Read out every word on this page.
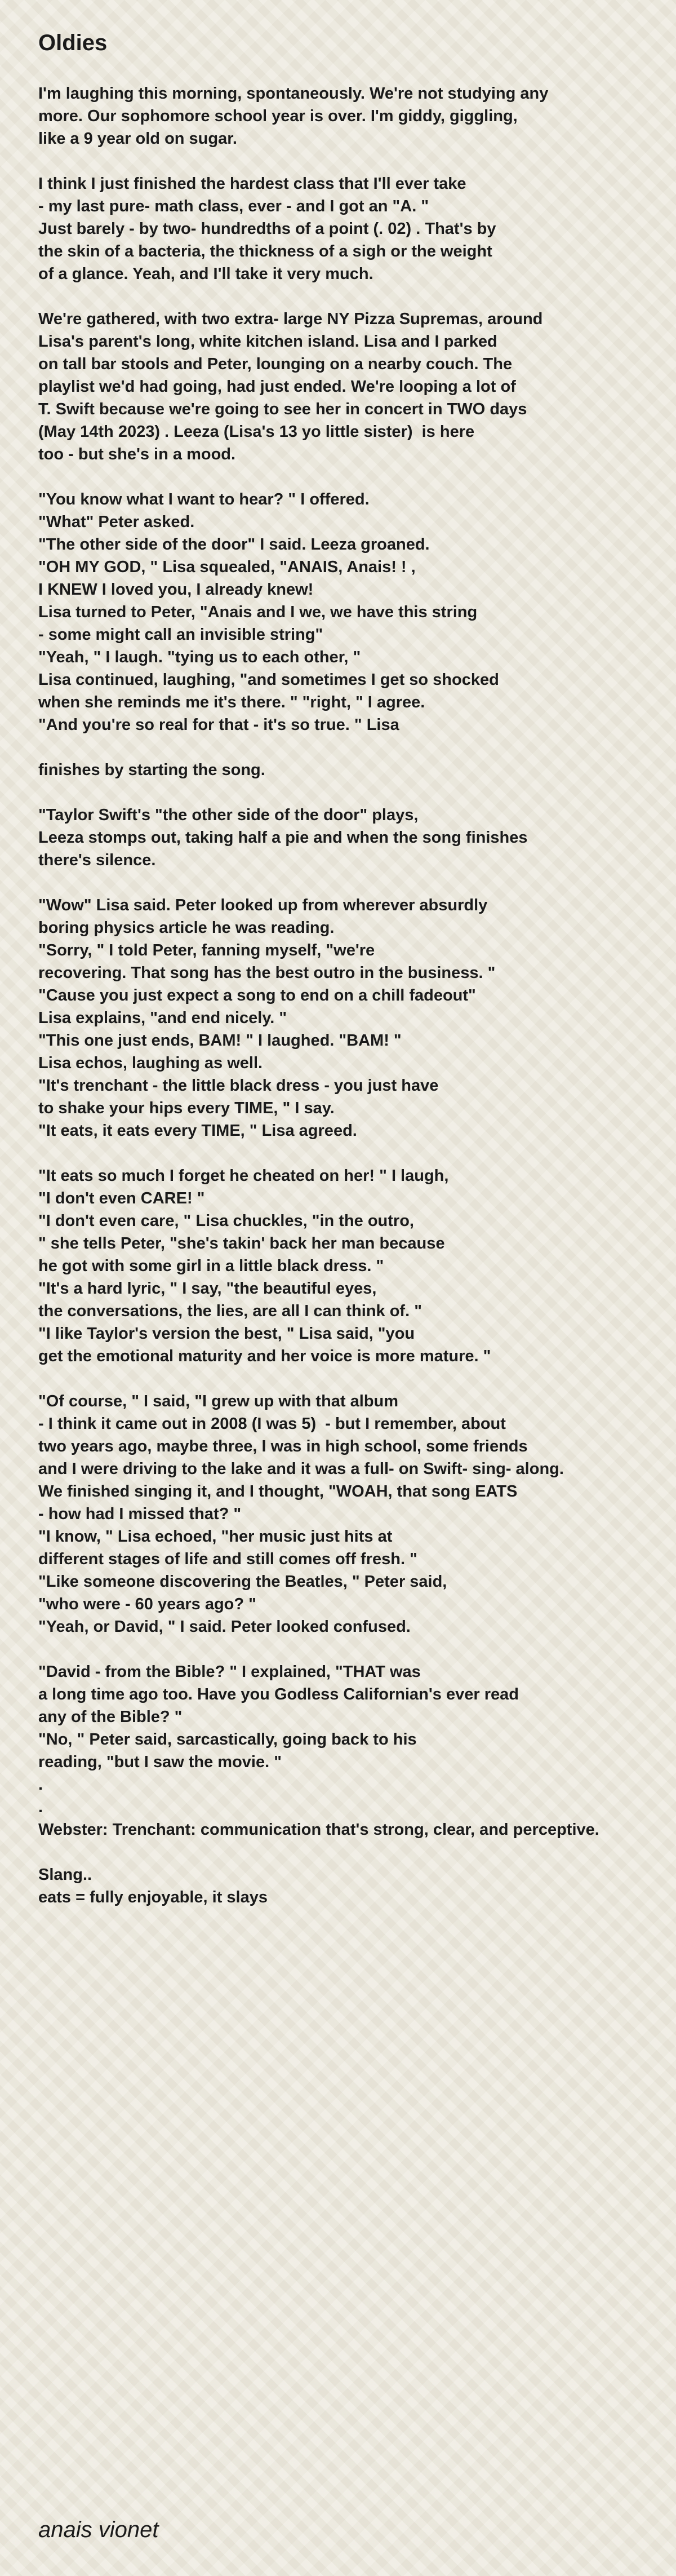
Oldies
I'm laughing this morning, spontaneously. We're not studying any
more. Our sophomore school year is over. I'm giddy, giggling,
like a 9 year old on sugar.
I think I just finished the hardest class that I'll ever take
- my last pure- math class, ever - and I got an "A. "
Just barely - by two- hundredths of a point (. 02) . That's by
the skin of a bacteria, the thickness of a sigh or the weight
of a glance. Yeah, and I'll take it very much.
We're gathered, with two extra- large NY Pizza Supremas, around
Lisa's parent's long, white kitchen island. Lisa and I parked
on tall bar stools and Peter, lounging on a nearby couch. The
playlist we'd had going, had just ended. We're looping a lot of
T. Swift because we're going to see her in concert in TWO days
(May 14th 2023) . Leeza (Lisa's 13 yo little sister)  is here
too - but she's in a mood.
"You know what I want to hear? " I offered.
"What" Peter asked.
"The other side of the door" I said. Leeza groaned.
"OH MY GOD, " Lisa squealed, "ANAIS, Anais! ! ,
I KNEW I loved you, I already knew!
Lisa turned to Peter, "Anais and I we, we have this string
- some might call an invisible string"
"Yeah, " I laugh. "tying us to each other, "
Lisa continued, laughing, "and sometimes I get so shocked
when she reminds me it's there. " "right, " I agree.
"And you're so real for that - it's so true. " Lisa
finishes by starting the song.
"Taylor Swift's "the other side of the door" plays,
Leeza stomps out, taking half a pie and when the song finishes
there's silence.
"Wow" Lisa said. Peter looked up from wherever absurdly
boring physics article he was reading.
"Sorry, " I told Peter, fanning myself, "we're
recovering. That song has the best outro in the business. "
"Cause you just expect a song to end on a chill fadeout"
Lisa explains, "and end nicely. "
"This one just ends, BAM! " I laughed. "BAM! "
Lisa echos, laughing as well.
"It's trenchant - the little black dress - you just have
to shake your hips every TIME, " I say.
"It eats, it eats every TIME, " Lisa agreed.
"It eats so much I forget he cheated on her! " I laugh,
"I don't even CARE! "
"I don't even care, " Lisa chuckles, "in the outro,
" she tells Peter, "she's takin' back her man because
he got with some girl in a little black dress. "
"It's a hard lyric, " I say, "the beautiful eyes,
the conversations, the lies, are all I can think of. "
"I like Taylor's version the best, " Lisa said, "you
get the emotional maturity and her voice is more mature. "
"Of course, " I said, "I grew up with that album
- I think it came out in 2008 (I was 5)  - but I remember, about
two years ago, maybe three, I was in high school, some friends
and I were driving to the lake and it was a full- on Swift- sing- along.
We finished singing it, and I thought, "WOAH, that song EATS
- how had I missed that? "
"I know, " Lisa echoed, "her music just hits at
different stages of life and still comes off fresh. "
"Like someone discovering the Beatles, " Peter said,
"who were - 60 years ago? "
"Yeah, or David, " I said. Peter looked confused.
"David - from the Bible? " I explained, "THAT was
a long time ago too. Have you Godless Californian's ever read
any of the Bible? "
"No, " Peter said, sarcastically, going back to his
reading, "but I saw the movie. "
.
.
Webster: Trenchant: communication that's strong, clear, and perceptive.
Slang..
eats = fully enjoyable, it slays
anais vionet
